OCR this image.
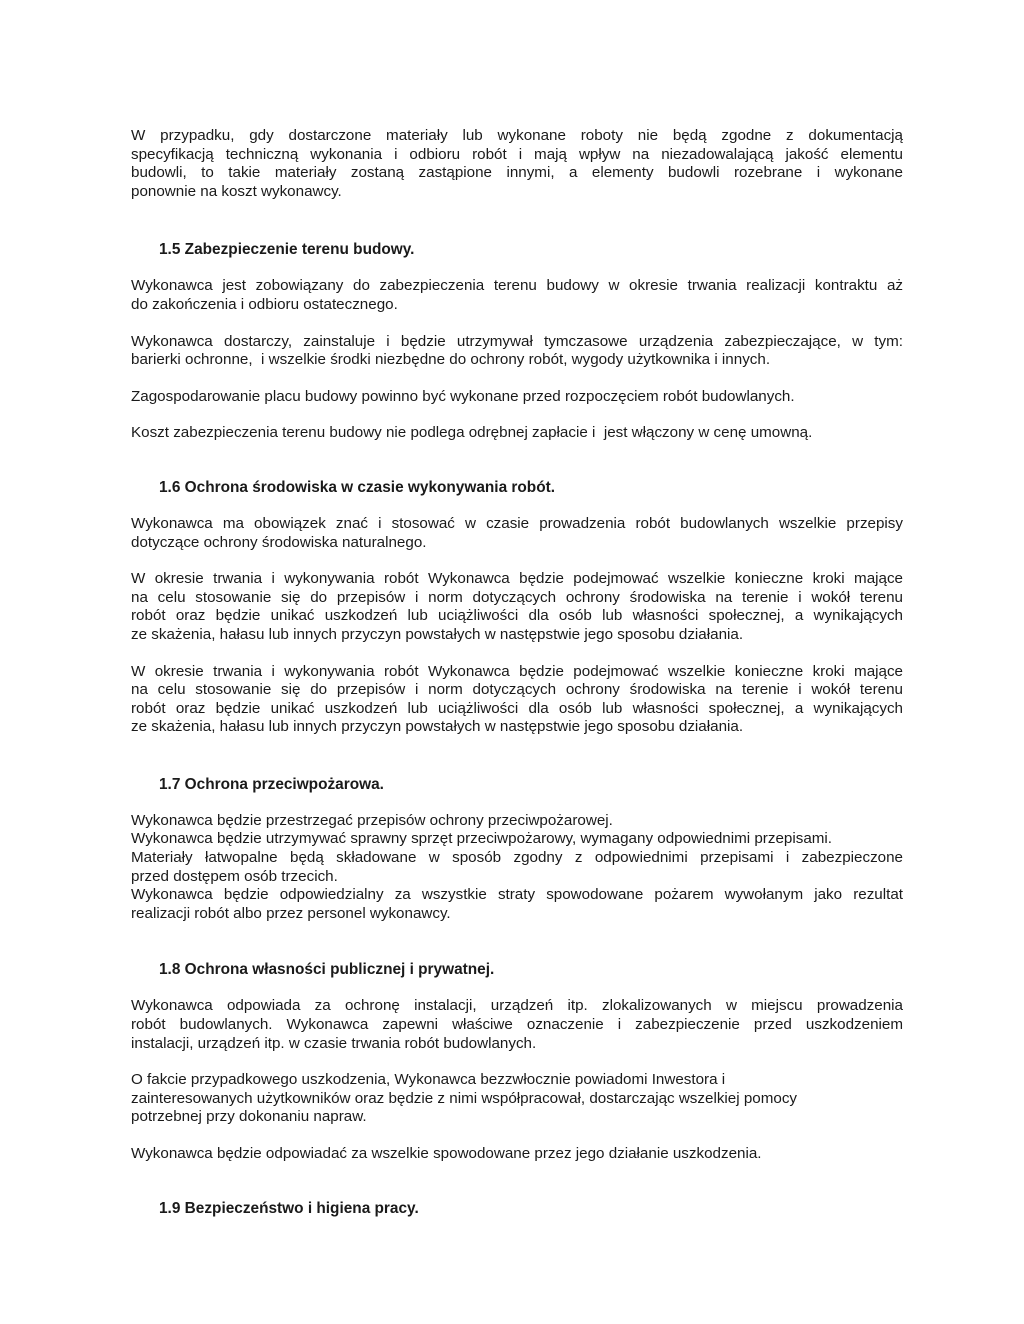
W przypadku, gdy dostarczone materiały lub wykonane roboty nie będą zgodne z dokumentacją
specyfikacją techniczną wykonania i odbioru robót i mają wpływ na niezadowalającą jakość elementu
budowli, to takie materiały zostaną zastąpione innymi, a elementy budowli rozebrane i wykonane
ponownie na koszt wykonawcy.

1.5 Zabezpieczenie terenu budowy.

Wykonawca jest zobowiązany do zabezpieczenia terenu budowy w okresie trwania realizacji kontraktu aż
do zakończenia i odbioru ostatecznego.

Wykonawca dostarczy, zainstaluje i będzie utrzymywał tymczasowe urządzenia zabezpieczające, w tym:
barierki ochronne,  i wszelkie środki niezbędne do ochrony robót, wygody użytkownika i innych.

Zagospodarowanie placu budowy powinno być wykonane przed rozpoczęciem robót budowlanych.

Koszt zabezpieczenia terenu budowy nie podlega odrębnej zapłacie i  jest włączony w cenę umowną.

1.6 Ochrona środowiska w czasie wykonywania robót.

Wykonawca ma obowiązek znać i stosować w czasie prowadzenia robót budowlanych wszelkie przepisy
dotyczące ochrony środowiska naturalnego.

W okresie trwania i wykonywania robót Wykonawca będzie podejmować wszelkie konieczne kroki mające
na celu stosowanie się do przepisów i norm dotyczących ochrony środowiska na terenie i wokół terenu
robót oraz będzie unikać uszkodzeń lub uciążliwości dla osób lub własności społecznej, a wynikających
ze skażenia, hałasu lub innych przyczyn powstałych w następstwie jego sposobu działania.

W okresie trwania i wykonywania robót Wykonawca będzie podejmować wszelkie konieczne kroki mające
na celu stosowanie się do przepisów i norm dotyczących ochrony środowiska na terenie i wokół terenu
robót oraz będzie unikać uszkodzeń lub uciążliwości dla osób lub własności społecznej, a wynikających
ze skażenia, hałasu lub innych przyczyn powstałych w następstwie jego sposobu działania.

1.7 Ochrona przeciwpożarowa.

Wykonawca będzie przestrzegać przepisów ochrony przeciwpożarowej.
Wykonawca będzie utrzymywać sprawny sprzęt przeciwpożarowy, wymagany odpowiednimi przepisami.
Materiały łatwopalne będą składowane w sposób zgodny z odpowiednimi przepisami i zabezpieczone
przed dostępem osób trzecich.
Wykonawca będzie odpowiedzialny za wszystkie straty spowodowane pożarem wywołanym jako rezultat
realizacji robót albo przez personel wykonawcy.

1.8 Ochrona własności publicznej i prywatnej.

Wykonawca odpowiada za ochronę instalacji, urządzeń itp. zlokalizowanych w miejscu prowadzenia
robót budowlanych. Wykonawca zapewni właściwe oznaczenie i zabezpieczenie przed uszkodzeniem
instalacji, urządzeń itp. w czasie trwania robót budowlanych.

O fakcie przypadkowego uszkodzenia, Wykonawca bezzwłocznie powiadomi Inwestora i
zainteresowanych użytkowników oraz będzie z nimi współpracował, dostarczając wszelkiej pomocy
potrzebnej przy dokonaniu napraw.

Wykonawca będzie odpowiadać za wszelkie spowodowane przez jego działanie uszkodzenia.

1.9 Bezpieczeństwo i higiena pracy.
